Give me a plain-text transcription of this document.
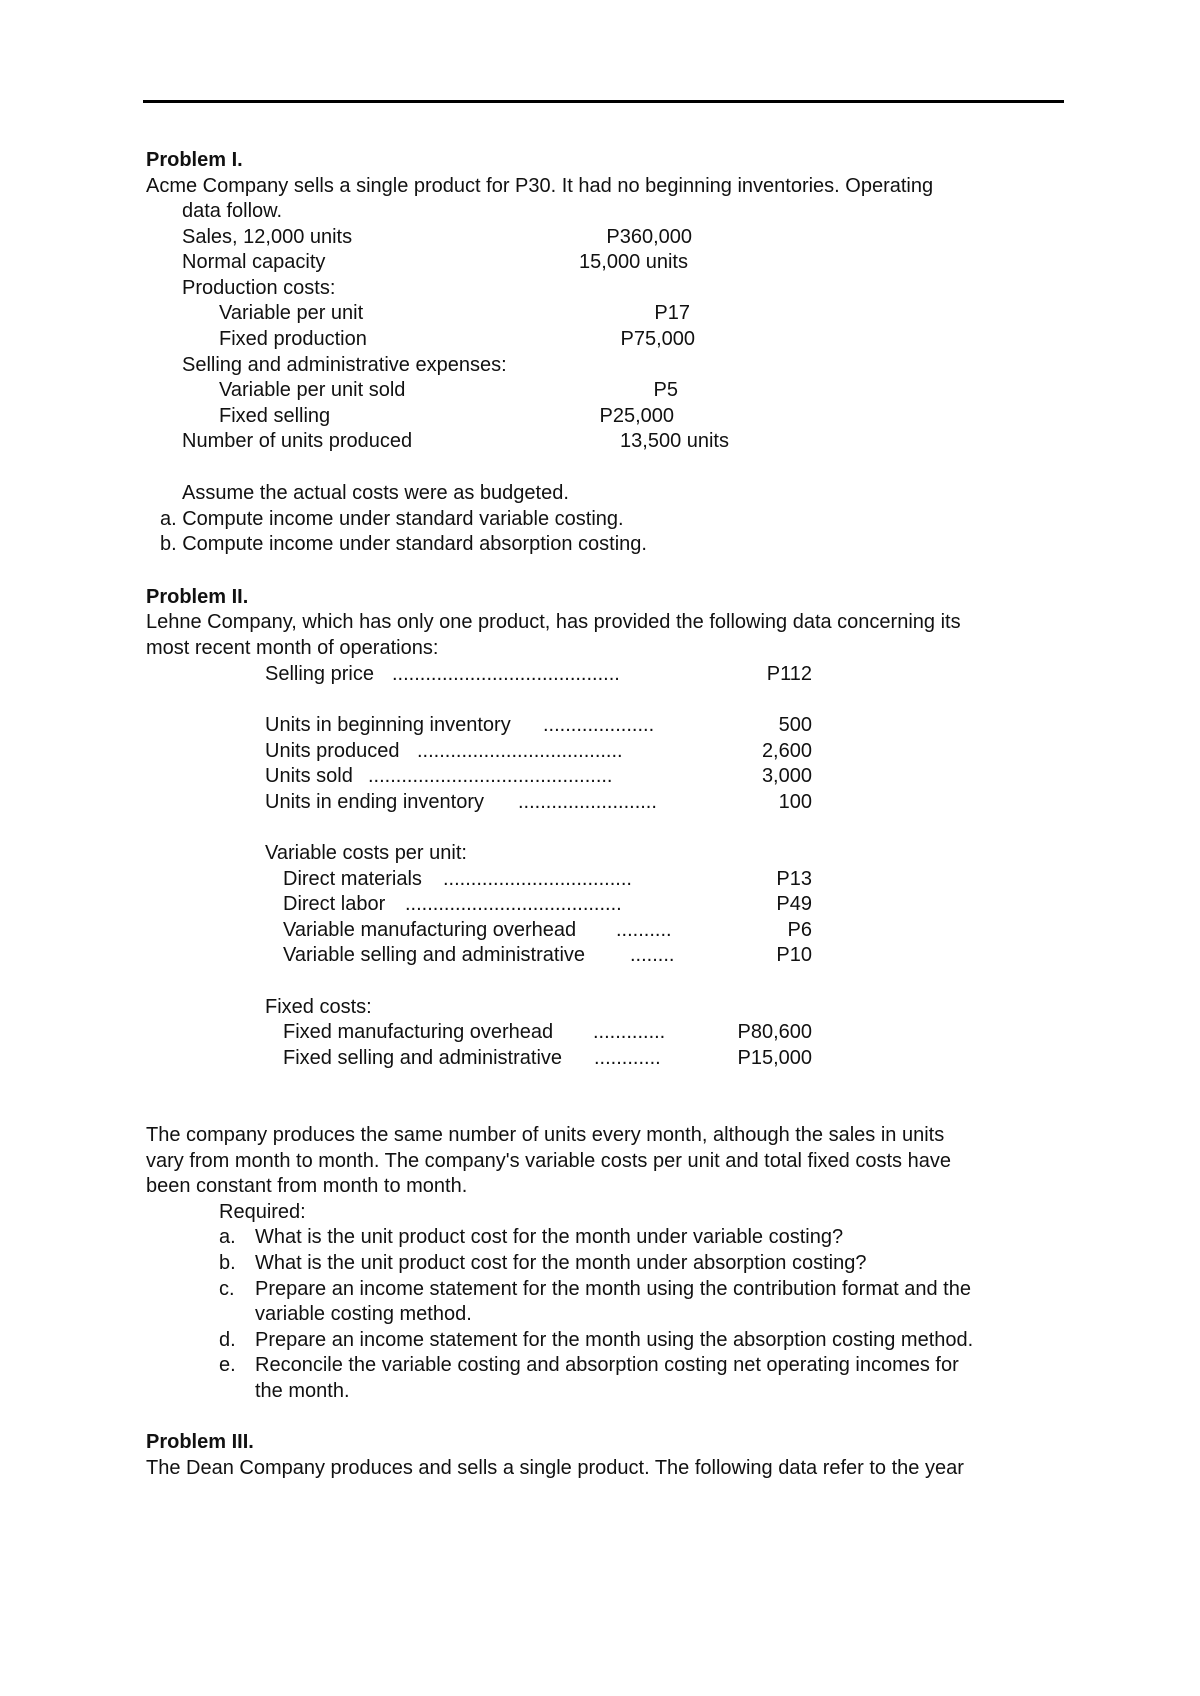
Problem I.
Acme Company sells a single product for P30. It had no beginning inventories. Operating
data follow.
Sales, 12,000 units	P360,000
Normal capacity	15,000 units
Production costs:
Variable per unit	P17
Fixed production	P75,000
Selling and administrative expenses:
Variable per unit sold	P5
Fixed selling	P25,000
Number of units produced	13,500 units
Assume the actual costs were as budgeted.
a. Compute income under standard variable costing.
b. Compute income under standard absorption costing.
Problem II.
Lehne Company, which has only one product, has provided the following data concerning its
most recent month of operations:
Selling price .........................................	P112
Units in beginning inventory ....................	500
Units produced .....................................	2,600
Units sold ............................................	3,000
Units in ending inventory .........................	100
Variable costs per unit:
Direct materials ..................................	P13
Direct labor .......................................	P49
Variable manufacturing overhead ..........	P6
Variable selling and administrative ........	P10
Fixed costs:
Fixed manufacturing overhead .............	P80,600
Fixed selling and administrative ............	P15,000
The company produces the same number of units every month, although the sales in units
vary from month to month. The company's variable costs per unit and total fixed costs have
been constant from month to month.
Required:
a. What is the unit product cost for the month under variable costing?
b. What is the unit product cost for the month under absorption costing?
c. Prepare an income statement for the month using the contribution format and the
variable costing method.
d. Prepare an income statement for the month using the absorption costing method.
e. Reconcile the variable costing and absorption costing net operating incomes for
the month.
Problem III.
The Dean Company produces and sells a single product. The following data refer to the year
